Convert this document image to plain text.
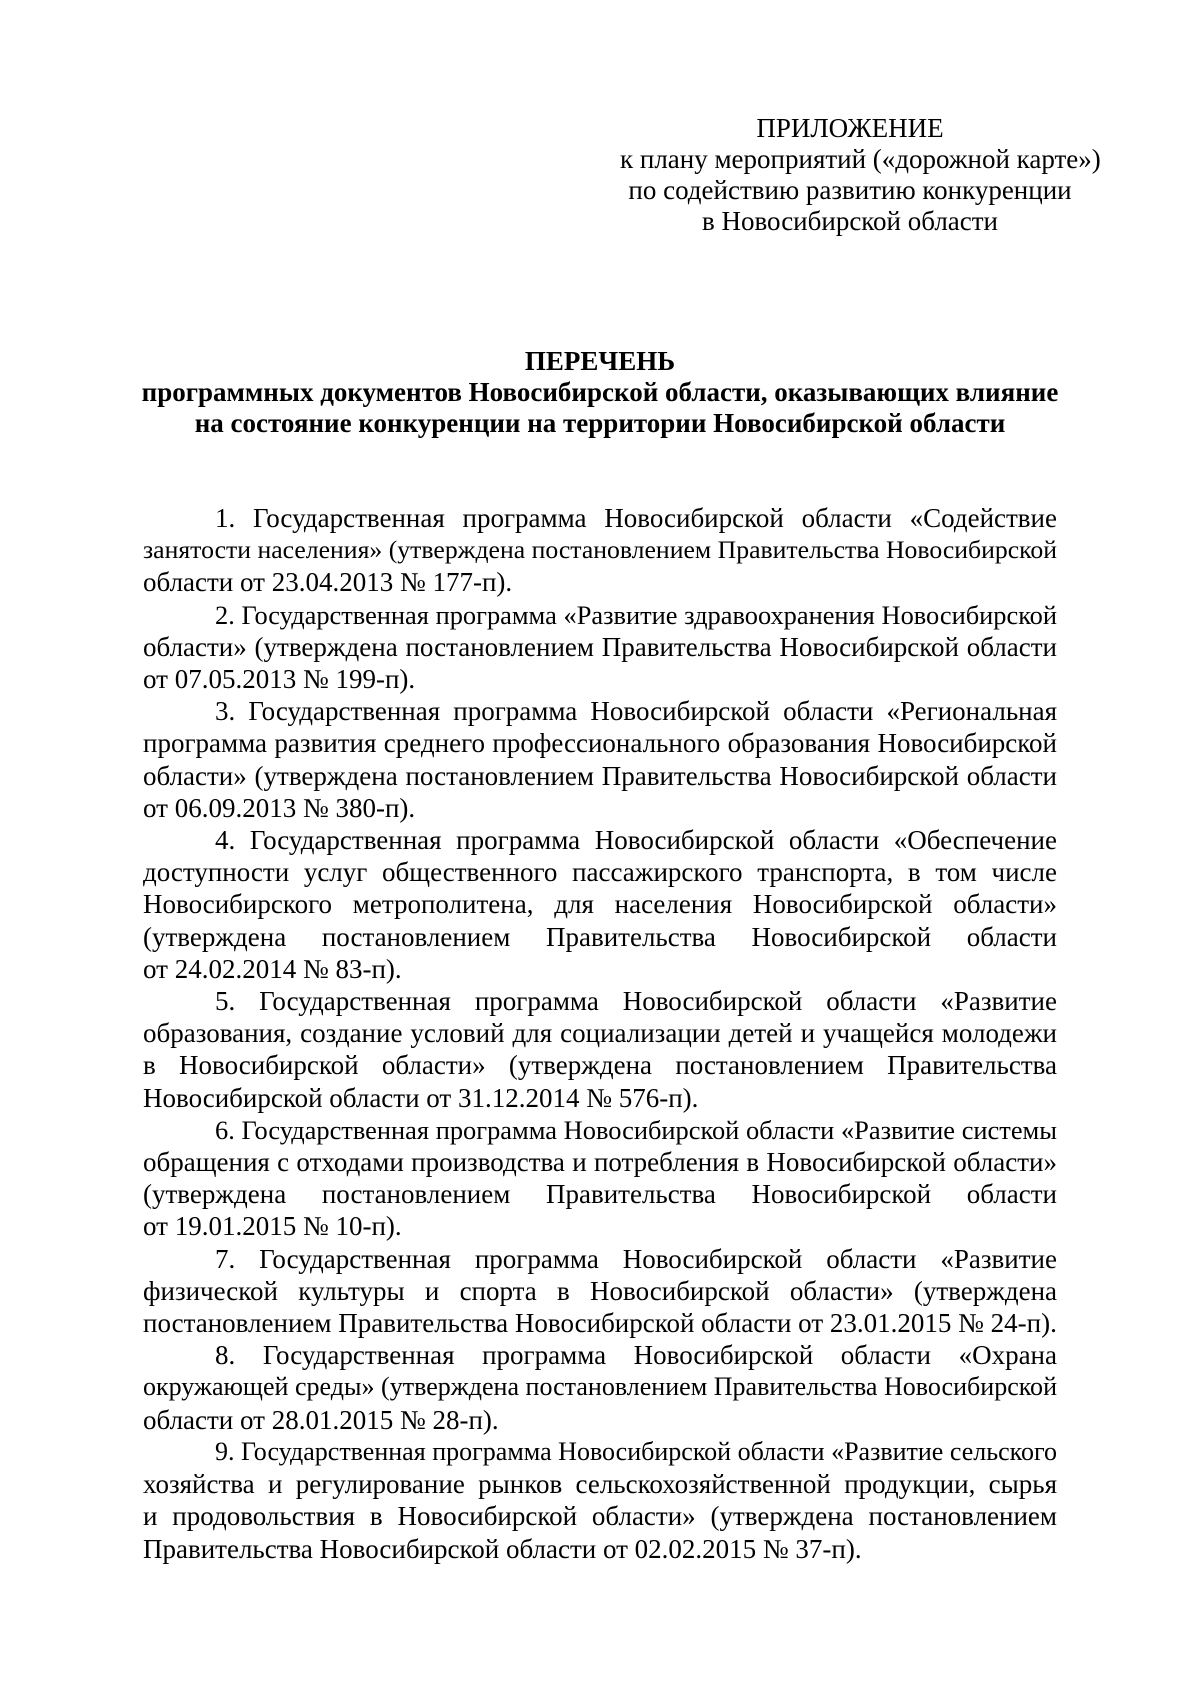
ПРИЛОЖЕНИЕ
к плану мероприятий («дорожной карте»)
по содействию развитию конкуренции
в Новосибирской области
ПЕРЕЧЕНЬ
программных документов Новосибирской области, оказывающих влияние
на состояние конкуренции на территории Новосибирской области
1. Государственная программа Новосибирской области «Содействие
занятости населения» (утверждена постановлением Правительства Новосибирской
области от 23.04.2013 № 177-п).
2. Государственная программа «Развитие здравоохранения Новосибирской
области» (утверждена постановлением Правительства Новосибирской области
от 07.05.2013 № 199-п).
3. Государственная программа Новосибирской области «Региональная
программа развития среднего профессионального образования Новосибирской
области» (утверждена постановлением Правительства Новосибирской области
от 06.09.2013 № 380-п).
4. Государственная программа Новосибирской области «Обеспечение
доступности услуг общественного пассажирского транспорта, в том числе
Новосибирского метрополитена, для населения Новосибирской области»
(утверждена постановлением Правительства Новосибирской области
от 24.02.2014 № 83-п).
5. Государственная программа Новосибирской области «Развитие
образования, создание условий для социализации детей и учащейся молодежи
в Новосибирской области» (утверждена постановлением Правительства
Новосибирской области от 31.12.2014 № 576-п).
6. Государственная программа Новосибирской области «Развитие системы
обращения с отходами производства и потребления в Новосибирской области»
(утверждена постановлением Правительства Новосибирской области
от 19.01.2015 № 10-п).
7. Государственная программа Новосибирской области «Развитие
физической культуры и спорта в Новосибирской области» (утверждена
постановлением Правительства Новосибирской области от 23.01.2015 № 24-п).
8. Государственная программа Новосибирской области «Охрана
окружающей среды» (утверждена постановлением Правительства Новосибирской
области от 28.01.2015 № 28-п).
9. Государственная программа Новосибирской области «Развитие сельского
хозяйства и регулирование рынков сельскохозяйственной продукции, сырья
и продовольствия в Новосибирской области» (утверждена постановлением
Правительства Новосибирской области от 02.02.2015 № 37-п).
